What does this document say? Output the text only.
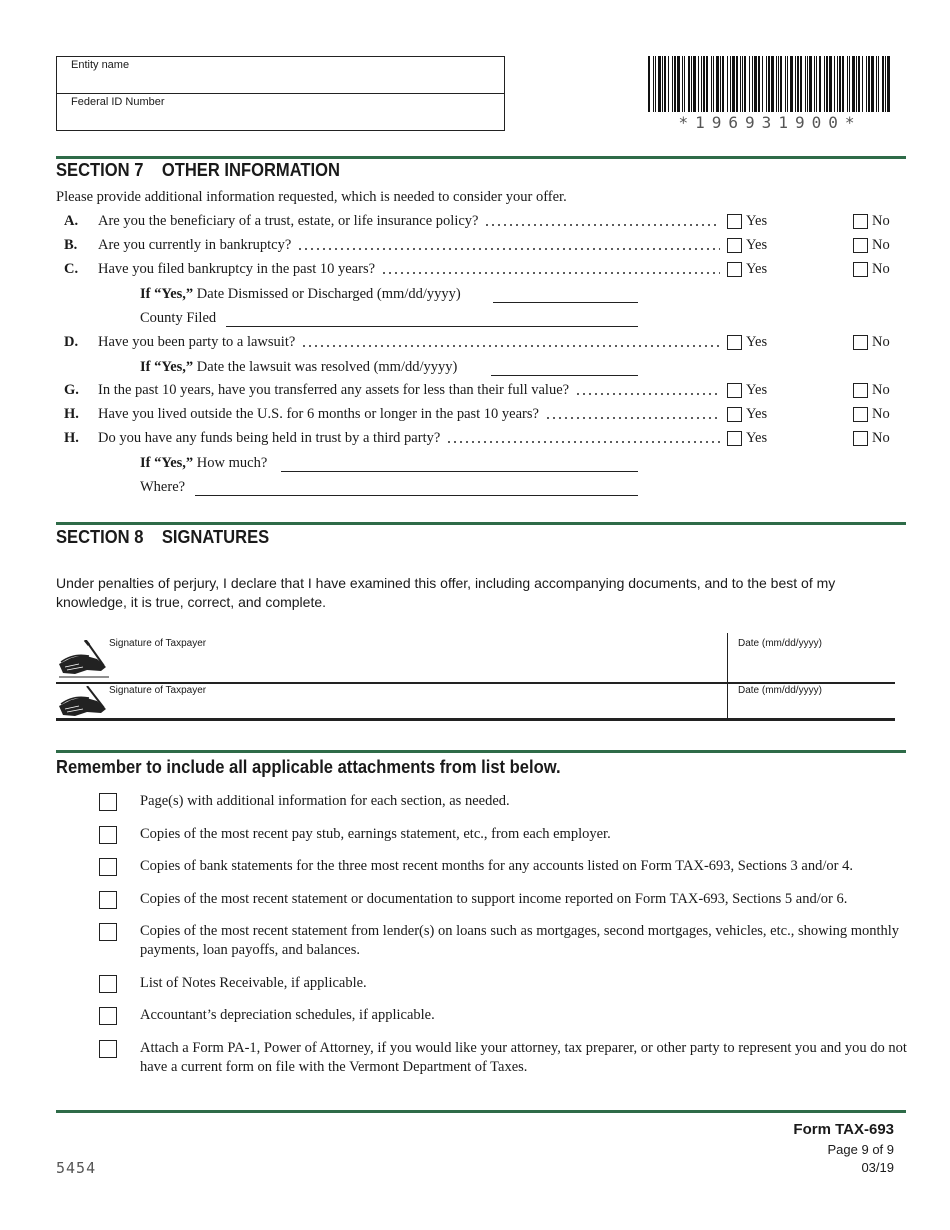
Entity name
Federal ID Number
*196931900*
SECTION 7 OTHER INFORMATION
Please provide additional information requested, which is needed to consider your offer.
A. Are you the beneficiary of a trust, estate, or life insurance policy?	Yes	No
B. Are you currently in bankruptcy?	Yes	No
C. Have you filed bankruptcy in the past 10 years?	Yes	No
D. Have you been party to a lawsuit?	Yes	No
G. In the past 10 years, have you transferred any assets for less than their full value?	Yes	No
H. Have you lived outside the U.S. for 6 months or longer in the past 10 years?	Yes	No
H. Do you have any funds being held in trust by a third party?	Yes	No
If “Yes,” Date Dismissed or Discharged (mm/dd/yyyy)
County Filed
If “Yes,” Date the lawsuit was resolved (mm/dd/yyyy)
If “Yes,” How much?
Where?
SECTION 8 SIGNATURES
Under penalties of perjury, I declare that I have examined this offer, including accompanying documents, and to the best of my knowledge, it is true, correct, and complete.
Signature of Taxpayer	Date (mm/dd/yyyy)
Signature of Taxpayer	Date (mm/dd/yyyy)
Remember to include all applicable attachments from list below.
Page(s) with additional information for each section, as needed.
Copies of the most recent pay stub, earnings statement, etc., from each employer.
Copies of bank statements for the three most recent months for any accounts listed on Form TAX-693, Sections 3 and/or 4.
Copies of the most recent statement or documentation to support income reported on Form TAX-693, Sections 5 and/or 6.
Copies of the most recent statement from lender(s) on loans such as mortgages, second mortgages, vehicles, etc., showing monthly payments, loan payoffs, and balances.
List of Notes Receivable, if applicable.
Accountant’s depreciation schedules, if applicable.
Attach a Form PA-1, Power of Attorney, if you would like your attorney, tax preparer, or other party to represent you and you do not have a current form on file with the Vermont Department of Taxes.
5454
Form TAX-693
Page 9 of 9
03/19
